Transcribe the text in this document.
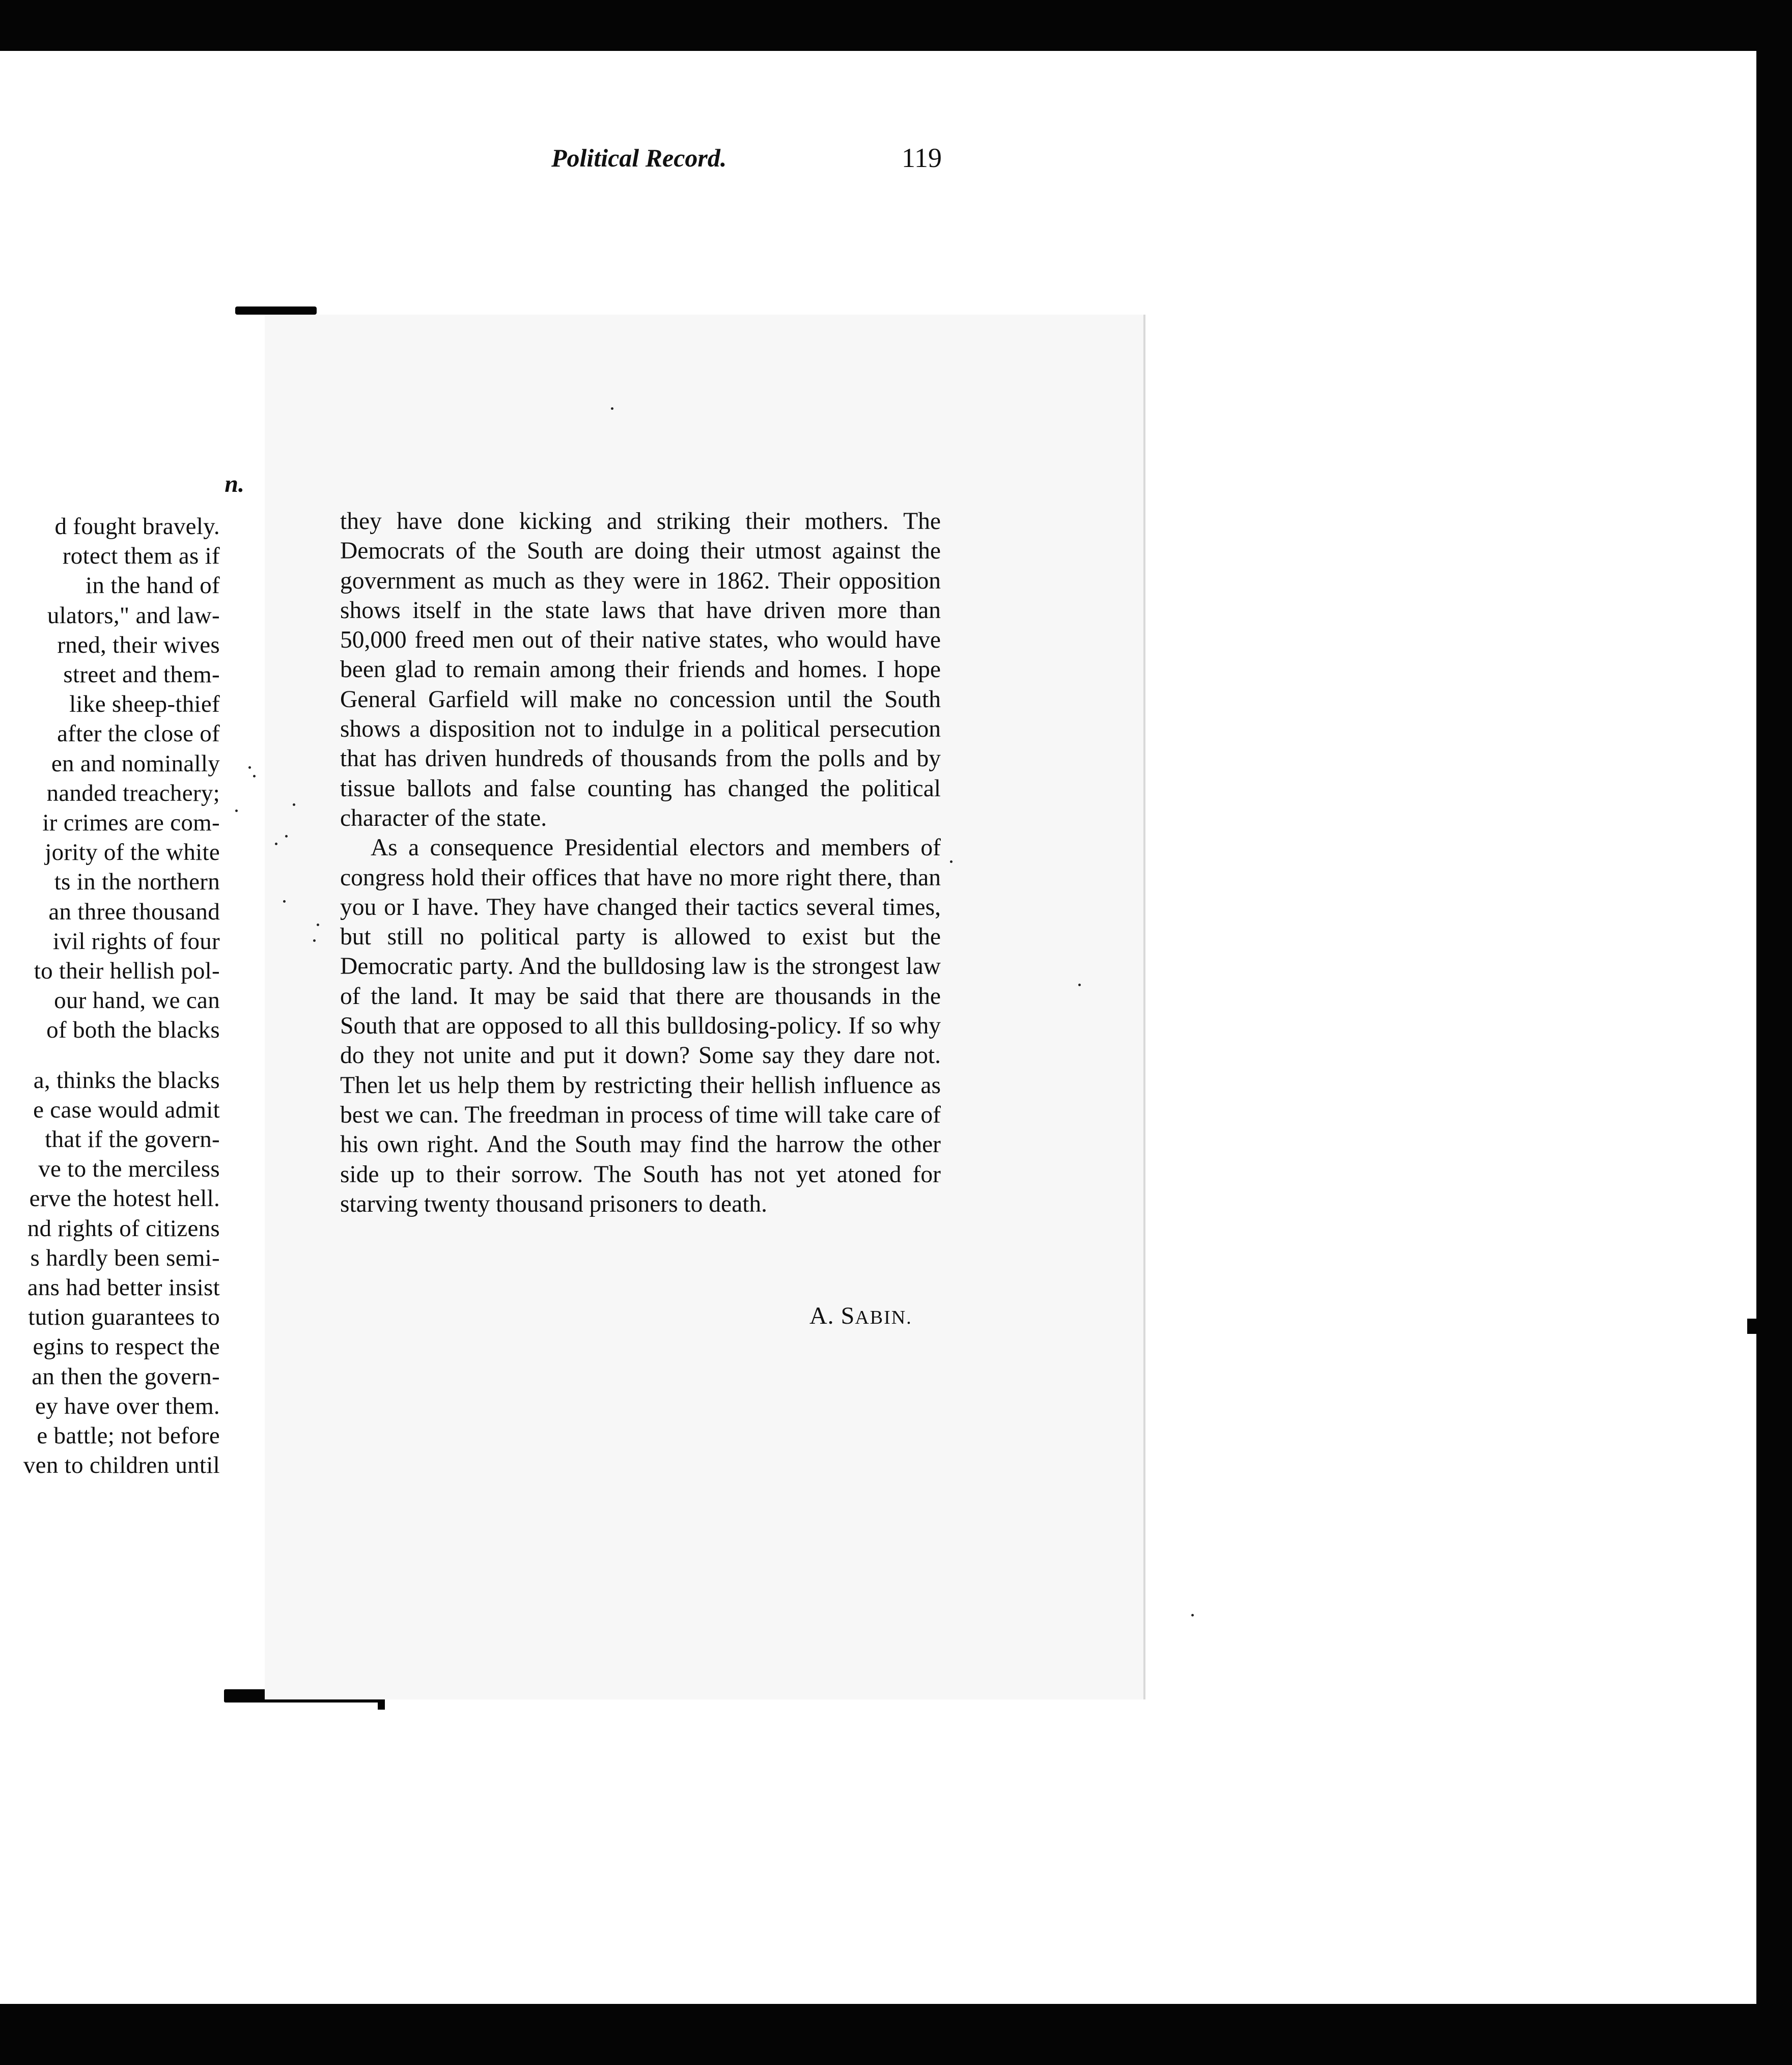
n.
d fought bravely.
rotect them as if
in the hand of
ulators," and law-
rned, their wives
street and them-
like sheep-thief
after the close of
en and nominally
nanded treachery;
ir crimes are com-
jority of the white
ts in the northern
an three thousand
ivil rights of four
to their hellish pol-
our hand, we can
of both the blacks
a, thinks the blacks
e case would admit
that if the govern-
ve to the merciless
erve the hotest hell.
nd rights of citizens
s hardly been semi-
ans had better insist
tution guarantees to
egins to respect the
an then the govern-
ey have over them.
e battle; not before
ven to children until
Political Record.	119

they have done kicking and striking their mothers. The Democrats of the South are doing their utmost against the government as much as they were in 1862. Their opposition shows itself in the state laws that have driven more than 50,000 freed men out of their native states, who would have been glad to remain among their friends and homes. I hope General Garfield will make no concession until the South shows a disposition not to indulge in a political persecution that has driven hundreds of thousands from the polls and by tissue ballots and false counting has changed the political character of the state.

As a consequence Presidential electors and members of congress hold their offices that have no more right there, than you or I have. They have changed their tactics several times, but still no political party is allowed to exist but the Democratic party. And the bulldosing law is the strongest law of the land. It may be said that there are thousands in the South that are opposed to all this bulldosing-policy. If so why do they not unite and put it down? Some say they dare not. Then let us help them by restricting their hellish influence as best we can. The freedman in process of time will take care of his own right. And the South may find the harrow the other side up to their sorrow. The South has not yet atoned for starving twenty thousand prisoners to death.

A. SABIN.
